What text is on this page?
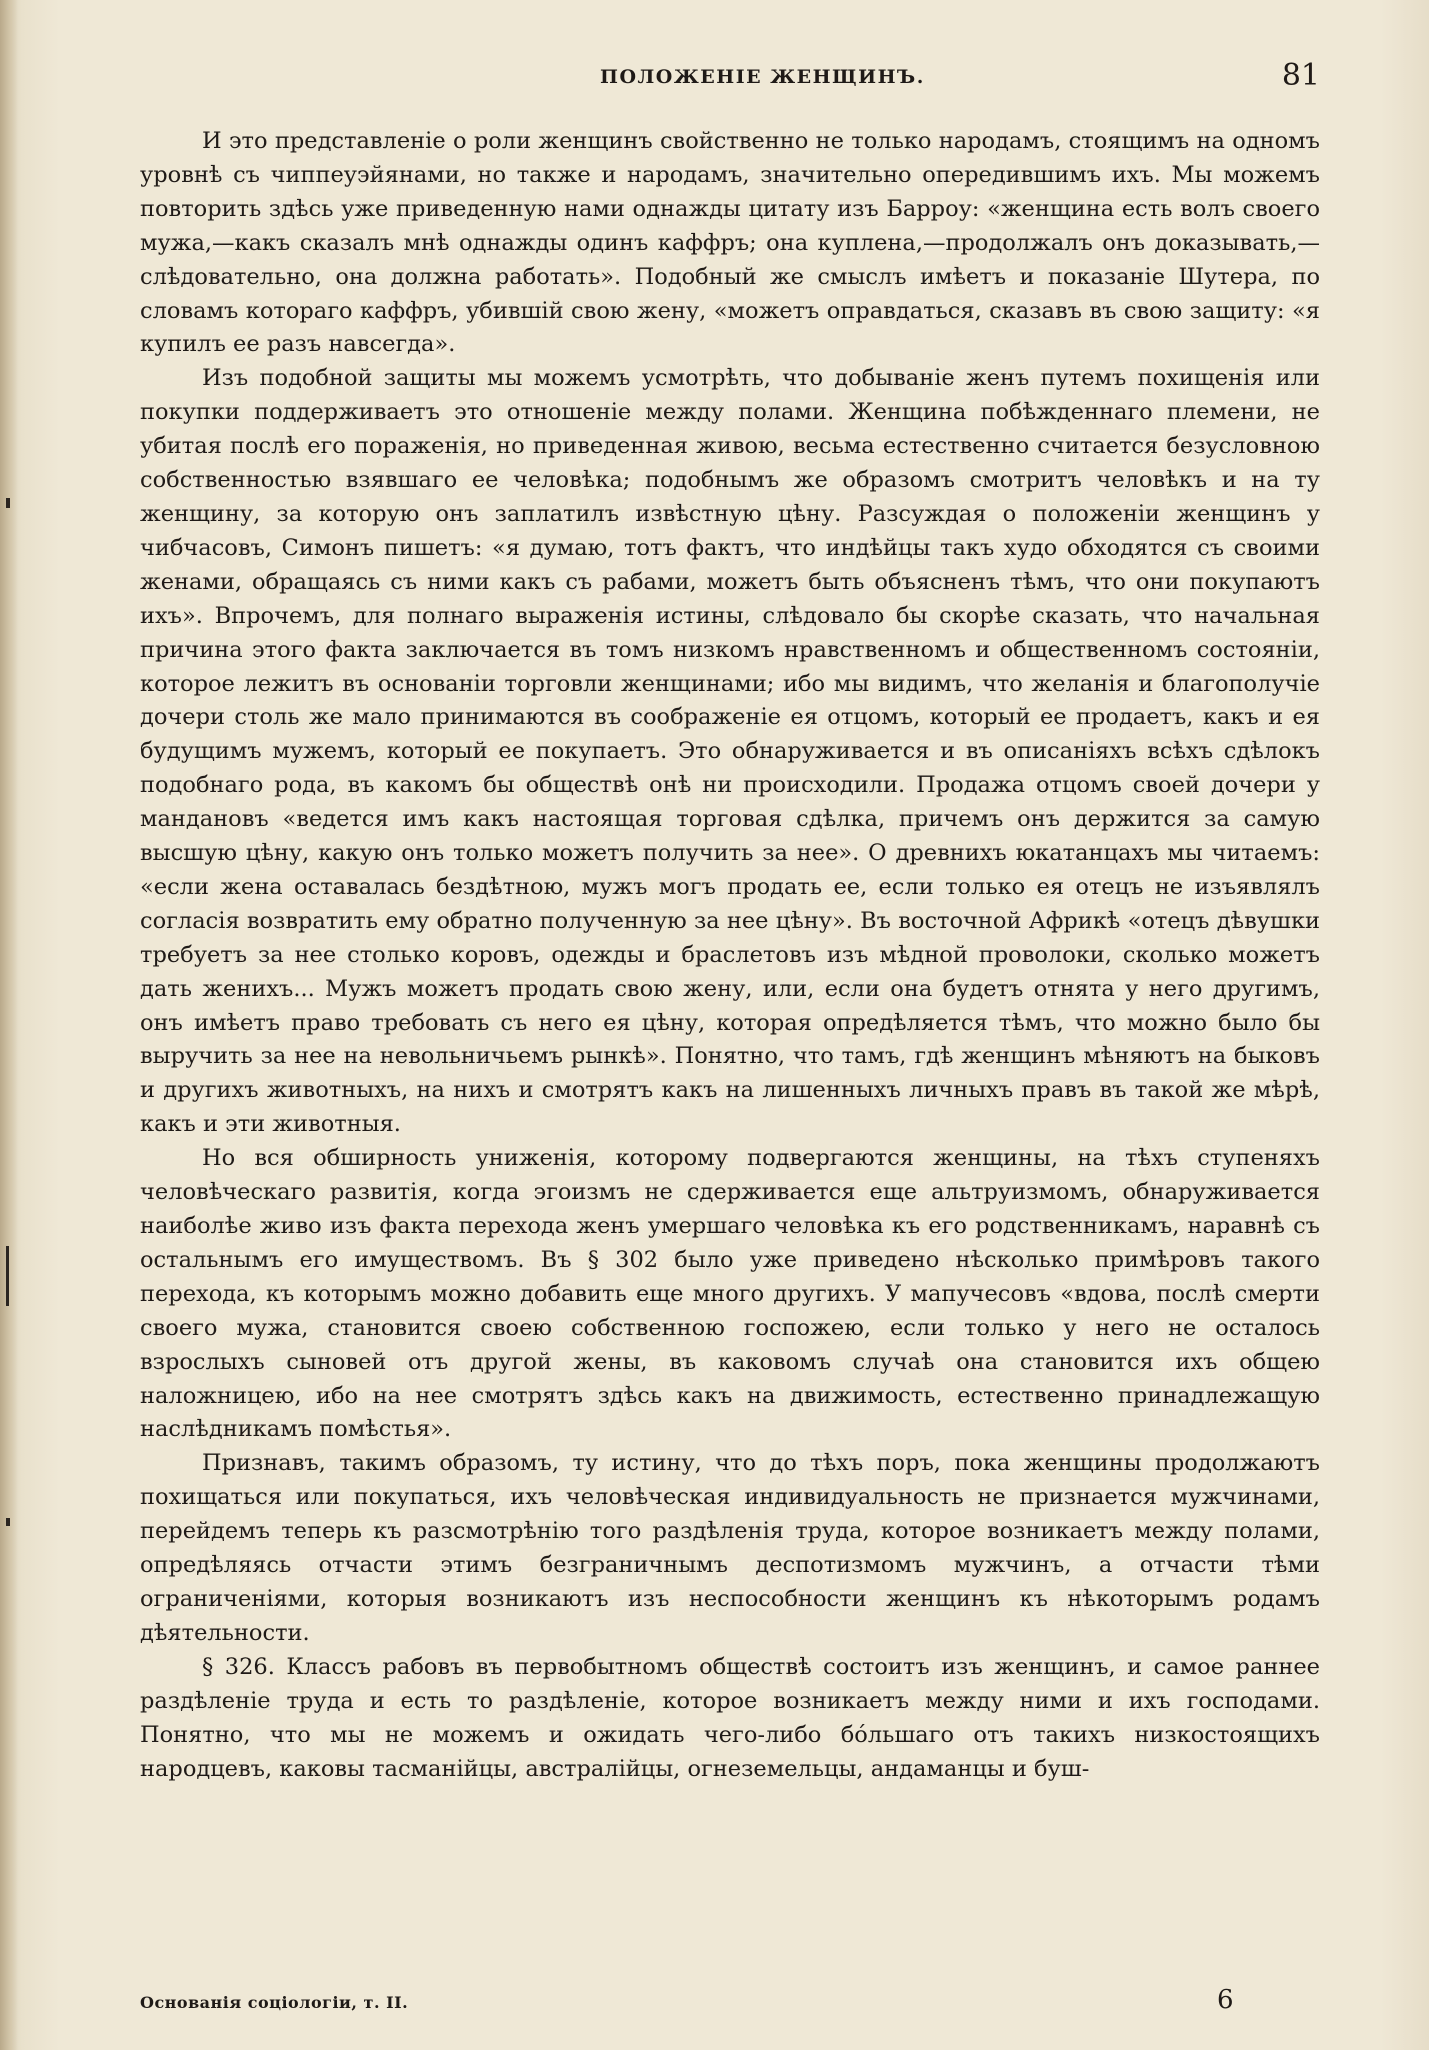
ПОЛОЖЕНІЕ ЖЕНЩИНЪ.	81

И это представленіе о роли женщинъ свойственно не только народамъ, стоящимъ на одномъ уровнѣ съ чиппеуэйянами, но также и народамъ, значительно опередившимъ ихъ. Мы можемъ повторить здѣсь уже приведенную нами однажды цитату изъ Барроу: «женщина есть волъ своего мужа,—какъ сказалъ мнѣ однажды одинъ каффръ; она куплена,—продолжалъ онъ доказывать,—слѣдовательно, она должна работать». Подобный же смыслъ имѣетъ и показаніе Шутера, по словамъ котораго каффръ, убившій свою жену, «можетъ оправдаться, сказавъ въ свою защиту: «я купилъ ее разъ навсегда».

Изъ подобной защиты мы можемъ усмотрѣть, что добываніе женъ путемъ похищенія или покупки поддерживаетъ это отношеніе между полами. Женщина побѣжденнаго племени, не убитая послѣ его пораженія, но приведенная живою, весьма естественно считается безусловною собственностью взявшаго ее человѣка; подобнымъ же образомъ смотритъ человѣкъ и на ту женщину, за которую онъ заплатилъ извѣстную цѣну. Разсуждая о положеніи женщинъ у чибчасовъ, Симонъ пишетъ: «я думаю, тотъ фактъ, что индѣйцы такъ худо обходятся съ своими женами, обращаясь съ ними какъ съ рабами, можетъ быть объясненъ тѣмъ, что они покупаютъ ихъ». Впрочемъ, для полнаго выраженія истины, слѣдовало бы скорѣе сказать, что начальная причина этого факта заключается въ томъ низкомъ нравственномъ и общественномъ состояніи, которое лежитъ въ основаніи торговли женщинами; ибо мы видимъ, что желанія и благополучіе дочери столь же мало принимаются въ соображеніе ея отцомъ, который ее продаетъ, какъ и ея будущимъ мужемъ, который ее покупаетъ. Это обнаруживается и въ описаніяхъ всѣхъ сдѣлокъ подобнаго рода, въ какомъ бы обществѣ онѣ ни происходили. Продажа отцомъ своей дочери у мандановъ «ведется имъ какъ настоящая торговая сдѣлка, причемъ онъ держится за самую высшую цѣну, какую онъ только можетъ получить за нее». О древнихъ юкатанцахъ мы читаемъ: «если жена оставалась бездѣтною, мужъ могъ продать ее, если только ея отецъ не изъявлялъ согласія возвратить ему обратно полученную за нее цѣну». Въ восточной Африкѣ «отецъ дѣвушки требуетъ за нее столько коровъ, одежды и браслетовъ изъ мѣдной проволоки, сколько можетъ дать женихъ... Мужъ можетъ продать свою жену, или, если она будетъ отнята у него другимъ, онъ имѣетъ право требовать съ него ея цѣну, которая опредѣляется тѣмъ, что можно было бы выручить за нее на невольничьемъ рынкѣ». Понятно, что тамъ, гдѣ женщинъ мѣняютъ на быковъ и другихъ животныхъ, на нихъ и смотрятъ какъ на лишенныхъ личныхъ правъ въ такой же мѣрѣ, какъ и эти животныя.

Но вся обширность униженія, которому подвергаются женщины, на тѣхъ ступеняхъ человѣческаго развитія, когда эгоизмъ не сдерживается еще альтруизмомъ, обнаруживается наиболѣе живо изъ факта перехода женъ умершаго человѣка къ его родственникамъ, наравнѣ съ остальнымъ его имуществомъ. Въ § 302 было уже приведено нѣсколько примѣровъ такого перехода, къ которымъ можно добавить еще много другихъ. У мапучесовъ «вдова, послѣ смерти своего мужа, становится своею собственною госпожею, если только у него не осталось взрослыхъ сыновей отъ другой жены, въ каковомъ случаѣ она становится ихъ общею наложницею, ибо на нее смотрятъ здѣсь какъ на движимость, естественно принадлежащую наслѣдникамъ помѣстья».

Признавъ, такимъ образомъ, ту истину, что до тѣхъ поръ, пока женщины продолжаютъ похищаться или покупаться, ихъ человѣческая индивидуальность не признается мужчинами, перейдемъ теперь къ разсмотрѣнію того раздѣленія труда, которое возникаетъ между полами, опредѣляясь отчасти этимъ безграничнымъ деспотизмомъ мужчинъ, а отчасти тѣми ограниченіями, которыя возникаютъ изъ неспособности женщинъ къ нѣкоторымъ родамъ дѣятельности.

§ 326. Классъ рабовъ въ первобытномъ обществѣ состоитъ изъ женщинъ, и самое раннее раздѣленіе труда и есть то раздѣленіе, которое возникаетъ между ними и ихъ господами. Понятно, что мы не можемъ и ожидать чего-либо бóльшаго отъ такихъ низкостоящихъ народцевъ, каковы тасманійцы, австралійцы, огнеземельцы, андаманцы и буш-

Основанія соціологіи, т. II.	6
